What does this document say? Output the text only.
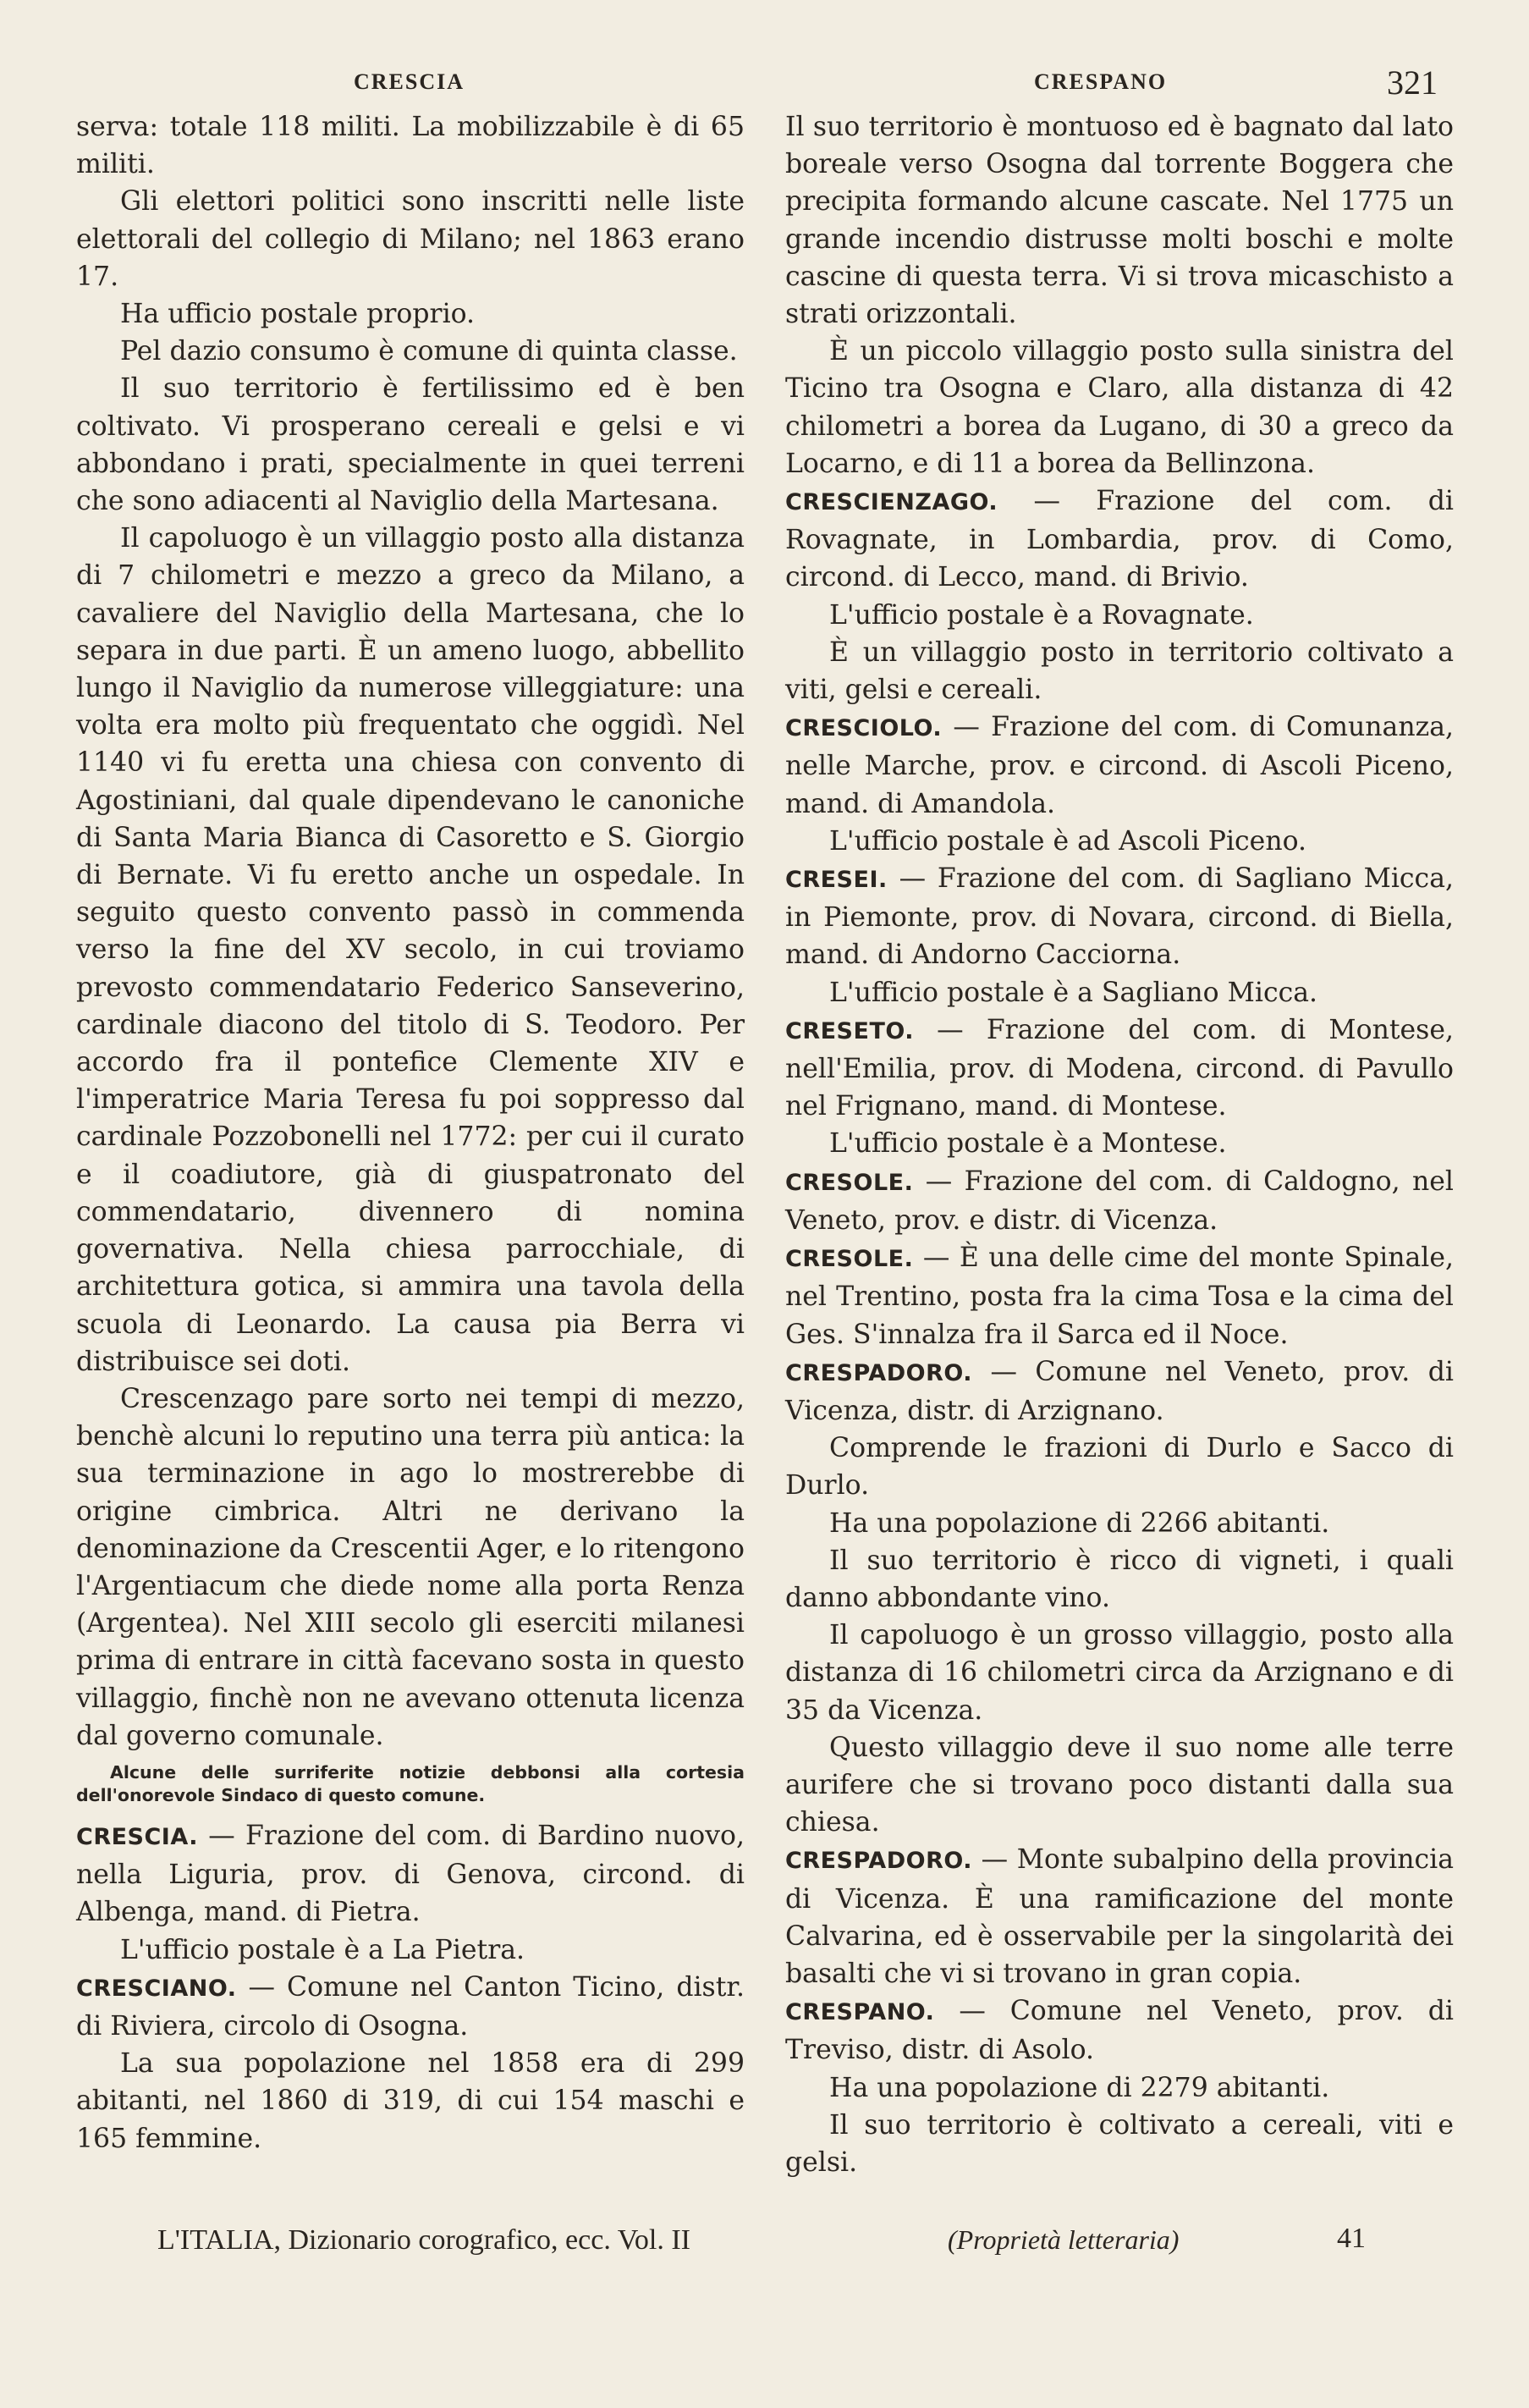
CRESCIA	CRESPANO	321

serva: totale 118 militi. La mobilizzabile è di 65 militi.

Gli elettori politici sono inscritti nelle liste elettorali del collegio di Milano; nel 1863 erano 17.

Ha ufficio postale proprio.

Pel dazio consumo è comune di quinta classe.

Il suo territorio è fertilissimo ed è ben coltivato. Vi prosperano cereali e gelsi e vi abbondano i prati, specialmente in quei terreni che sono adiacenti al Naviglio della Martesana.

Il capoluogo è un villaggio posto alla distanza di 7 chilometri e mezzo a greco da Milano, a cavaliere del Naviglio della Martesana, che lo separa in due parti. È un ameno luogo, abbellito lungo il Naviglio da numerose villeggiature: una volta era molto più frequentato che oggidì. Nel 1140 vi fu eretta una chiesa con convento di Agostiniani, dal quale dipendevano le canoniche di Santa Maria Bianca di Casoretto e S. Giorgio di Bernate. Vi fu eretto anche un ospedale. In seguito questo convento passò in commenda verso la fine del XV secolo, in cui troviamo prevosto commendatario Federico Sanseverino, cardinale diacono del titolo di S. Teodoro. Per accordo fra il pontefice Clemente XIV e l'imperatrice Maria Teresa fu poi soppresso dal cardinale Pozzobonelli nel 1772: per cui il curato e il coadiutore, già di giuspatronato del commendatario, divennero di nomina governativa. Nella chiesa parrocchiale, di architettura gotica, si ammira una tavola della scuola di Leonardo. La causa pia Berra vi distribuisce sei doti.

Crescenzago pare sorto nei tempi di mezzo, benchè alcuni lo reputino una terra più antica: la sua terminazione in ago lo mostrerebbe di origine cimbrica. Altri ne derivano la denominazione da Crescentii Ager, e lo ritengono l'Argentiacum che diede nome alla porta Renza (Argentea). Nel XIII secolo gli eserciti milanesi prima di entrare in città facevano sosta in questo villaggio, finchè non ne avevano ottenuta licenza dal governo comunale.

Alcune delle surriferite notizie debbonsi alla cortesia dell'onorevole Sindaco di questo comune.

CRESCIA. — Frazione del com. di Bardino nuovo, nella Liguria, prov. di Genova, circond. di Albenga, mand. di Pietra.

L'ufficio postale è a La Pietra.

CRESCIANO. — Comune nel Canton Ticino, distr. di Riviera, circolo di Osogna.

La sua popolazione nel 1858 era di 299 abitanti, nel 1860 di 319, di cui 154 maschi e 165 femmine.

Il suo territorio è montuoso ed è bagnato dal lato boreale verso Osogna dal torrente Boggera che precipita formando alcune cascate. Nel 1775 un grande incendio distrusse molti boschi e molte cascine di questa terra. Vi si trova micaschisto a strati orizzontali.

È un piccolo villaggio posto sulla sinistra del Ticino tra Osogna e Claro, alla distanza di 42 chilometri a borea da Lugano, di 30 a greco da Locarno, e di 11 a borea da Bellinzona.

CRESCIENZAGO. — Frazione del com. di Rovagnate, in Lombardia, prov. di Como, circond. di Lecco, mand. di Brivio.

L'ufficio postale è a Rovagnate.

È un villaggio posto in territorio coltivato a viti, gelsi e cereali.

CRESCIOLO. — Frazione del com. di Comunanza, nelle Marche, prov. e circond. di Ascoli Piceno, mand. di Amandola.

L'ufficio postale è ad Ascoli Piceno.

CRESEI. — Frazione del com. di Sagliano Micca, in Piemonte, prov. di Novara, circond. di Biella, mand. di Andorno Cacciorna.

L'ufficio postale è a Sagliano Micca.

CRESETO. — Frazione del com. di Montese, nell'Emilia, prov. di Modena, circond. di Pavullo nel Frignano, mand. di Montese.

L'ufficio postale è a Montese.

CRESOLE. — Frazione del com. di Caldogno, nel Veneto, prov. e distr. di Vicenza.

CRESOLE. — È una delle cime del monte Spinale, nel Trentino, posta fra la cima Tosa e la cima del Ges. S'innalza fra il Sarca ed il Noce.

CRESPADORO. — Comune nel Veneto, prov. di Vicenza, distr. di Arzignano.

Comprende le frazioni di Durlo e Sacco di Durlo.

Ha una popolazione di 2266 abitanti.

Il suo territorio è ricco di vigneti, i quali danno abbondante vino.

Il capoluogo è un grosso villaggio, posto alla distanza di 16 chilometri circa da Arzignano e di 35 da Vicenza.

Questo villaggio deve il suo nome alle terre aurifere che si trovano poco distanti dalla sua chiesa.

CRESPADORO. — Monte subalpino della provincia di Vicenza. È una ramificazione del monte Calvarina, ed è osservabile per la singolarità dei basalti che vi si trovano in gran copia.

CRESPANO. — Comune nel Veneto, prov. di Treviso, distr. di Asolo.

Ha una popolazione di 2279 abitanti.

Il suo territorio è coltivato a cereali, viti e gelsi.

L'ITALIA, Dizionario corografico, ecc. Vol. II	(Proprietà letteraria)	41
